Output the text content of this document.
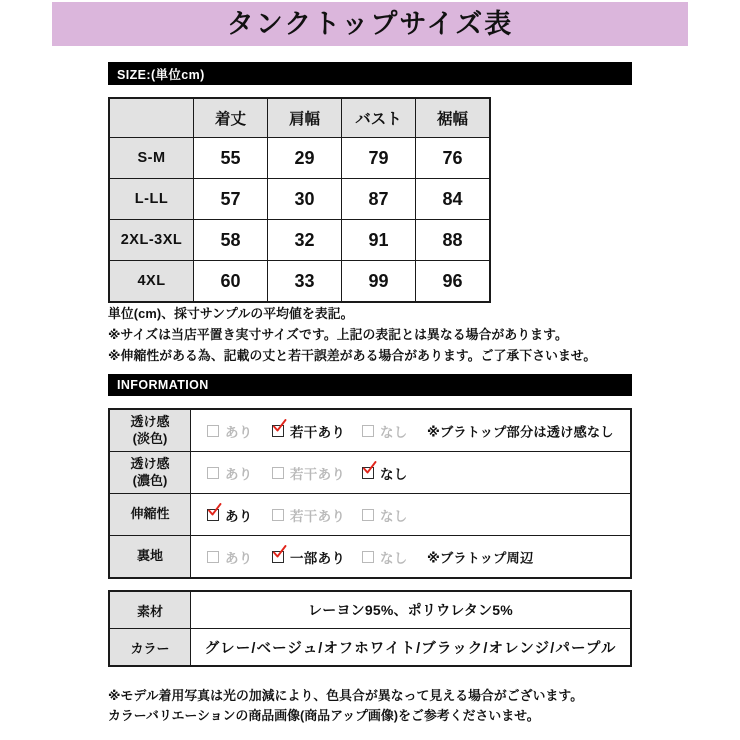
タンクトップサイズ表
SIZE:(単位cm)
	着丈	肩幅	バスト	裾幅
S-M	55	29	79	76
L-LL	57	30	87	84
2XL-3XL	58	32	91	88
4XL	60	33	99	96
単位(cm)、採寸サンプルの平均値を表記。
※サイズは当店平置き実寸サイズです。上記の表記とは異なる場合があります。
※伸縮性がある為、記載の丈と若干誤差がある場合があります。ご了承下さいませ。
INFORMATION
透け感
(淡色)	あり	若干あり	なし ※ブラトップ部分は透け感なし

透け感
(濃色)	あり	若干あり	なし

伸縮性	あり 若干あり なし

裏地	あり 一部あり なし ※ブラトップ周辺
素材	レーヨン95%、ポリウレタン5%
カラー	グレー/ベージュ/オフホワイト/ブラック/オレンジ/パープル
※モデル着用写真は光の加減により、色具合が異なって見える場合がございます。
カラーバリエーションの商品画像(商品アップ画像)をご参考くださいませ。
